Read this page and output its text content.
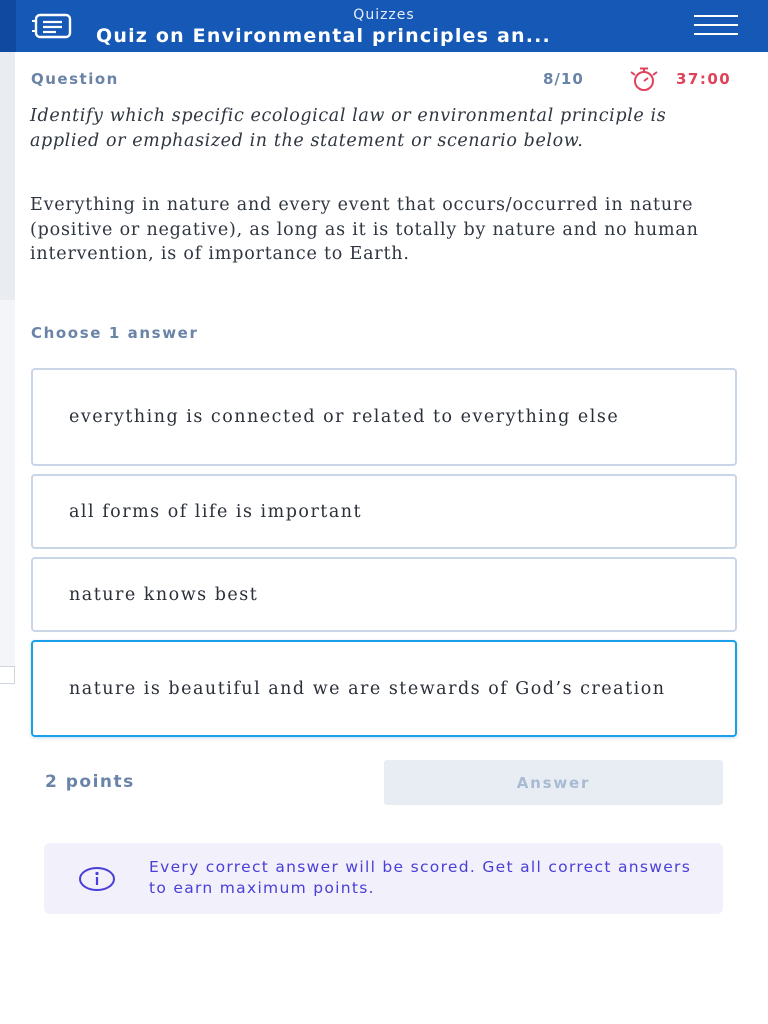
Quizzes
Quiz on Environmental principles an...
Question	8/10	37:00
Identify which specific ecological law or environmental principle is applied or emphasized in the statement or scenario below.
Everything in nature and every event that occurs/occurred in nature (positive or negative), as long as it is totally by nature and no human intervention, is of importance to Earth.
Choose 1 answer
everything is connected or related to everything else
all forms of life is important
nature knows best
nature is beautiful and we are stewards of God’s creation
2 points	Answer
Every correct answer will be scored. Get all correct answers to earn maximum points.
